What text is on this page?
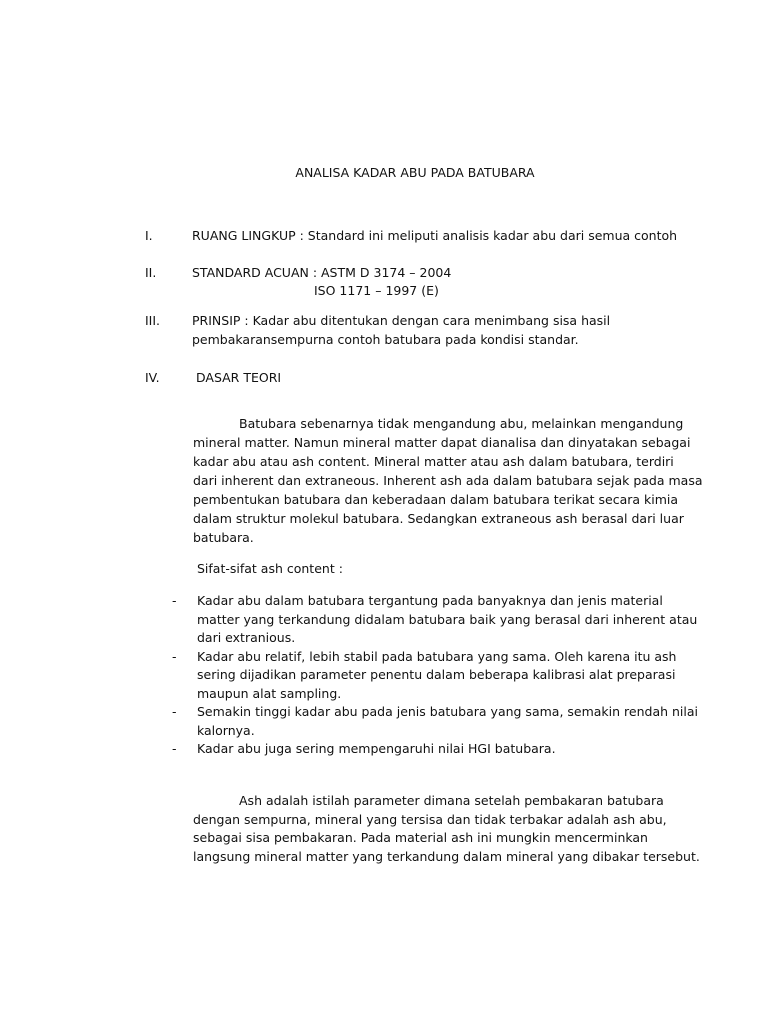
ANALISA KADAR ABU PADA BATUBARA
I.	RUANG LINGKUP : Standard ini meliputi analisis kadar abu dari semua contoh
II.	STANDARD ACUAN : ASTM D 3174 – 2004
ISO 1171 – 1997 (E)
III.	PRINSIP : Kadar abu ditentukan dengan cara menimbang sisa hasil
pembakaransempurna contoh batubara pada kondisi standar.
IV.	DASAR TEORI
Batubara sebenarnya tidak mengandung abu, melainkan mengandung
mineral matter. Namun mineral matter dapat dianalisa dan dinyatakan sebagai
kadar abu atau ash content. Mineral matter atau ash dalam batubara, terdiri
dari inherent dan extraneous. Inherent ash ada dalam batubara sejak pada masa
pembentukan batubara dan keberadaan dalam batubara terikat secara kimia
dalam struktur molekul batubara. Sedangkan extraneous ash berasal dari luar
batubara.
Sifat-sifat ash content :
- Kadar abu dalam batubara tergantung pada banyaknya dan jenis material
matter yang terkandung didalam batubara baik yang berasal dari inherent atau
dari extranious.
- Kadar abu relatif, lebih stabil pada batubara yang sama. Oleh karena itu ash
sering dijadikan parameter penentu dalam beberapa kalibrasi alat preparasi
maupun alat sampling.
- Semakin tinggi kadar abu pada jenis batubara yang sama, semakin rendah nilai
kalornya.
- Kadar abu juga sering mempengaruhi nilai HGI batubara.
Ash adalah istilah parameter dimana setelah pembakaran batubara
dengan sempurna, mineral yang tersisa dan tidak terbakar adalah ash abu,
sebagai sisa pembakaran. Pada material ash ini mungkin mencerminkan
langsung mineral matter yang terkandung dalam mineral yang dibakar tersebut.
